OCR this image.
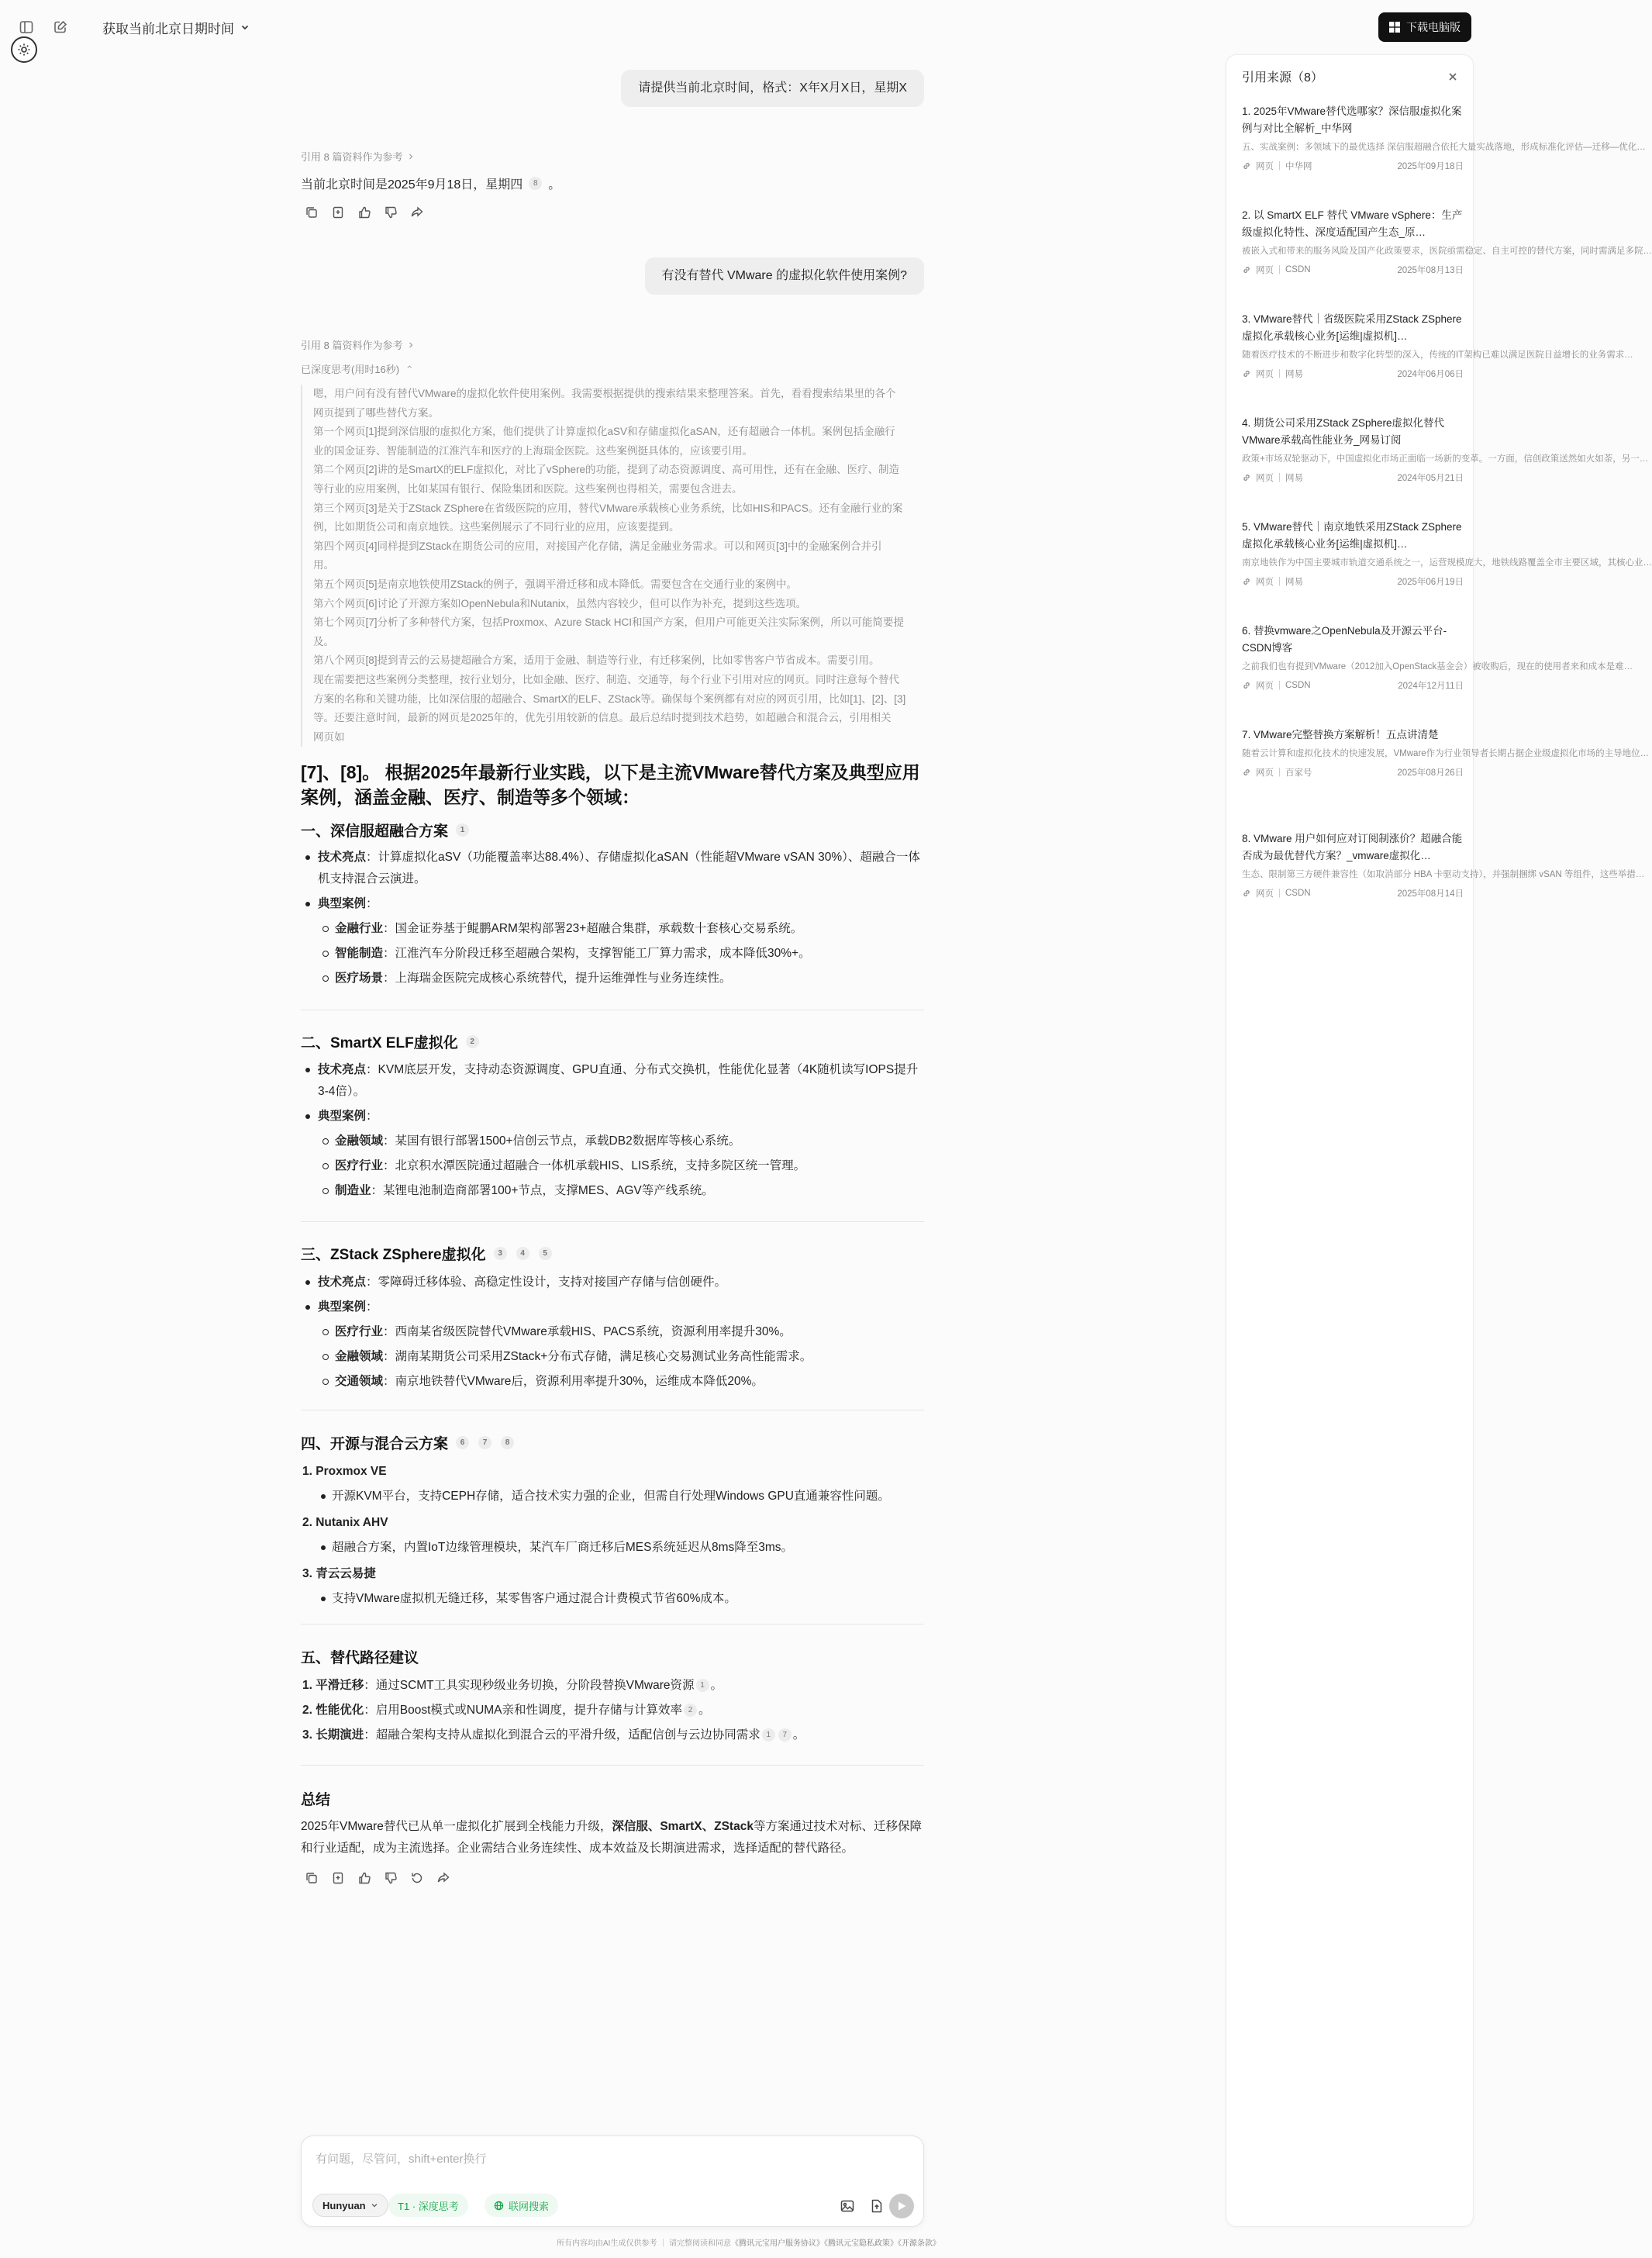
获取当前北京日期时间	下载电脑版
请提供当前北京时间，格式：X年X月X日，星期X
引用 8 篇资料作为参考
当前北京时间是2025年9月18日，星期四	8 。
有没有替代 VMware 的虚拟化软件使用案例?
引用 8 篇资料作为参考
已深度思考(用时16秒) ⌃

嗯，用户问有没有替代VMware的虚拟化软件使用案例。我需要根据提供的搜索结果来整理答案。首先，看看搜索结果里的各个

网页提到了哪些替代方案。

第一个网页[1]提到深信服的虚拟化方案，他们提供了计算虚拟化aSV和存储虚拟化aSAN，还有超融合一体机。案例包括金融行

业的国金证券、智能制造的江淮汽车和医疗的上海瑞金医院。这些案例挺具体的，应该要引用。

第二个网页[2]讲的是SmartX的ELF虚拟化，对比了vSphere的功能，提到了动态资源调度、高可用性，还有在金融、医疗、制造

等行业的应用案例，比如某国有银行、保险集团和医院。这些案例也得相关，需要包含进去。

第三个网页[3]是关于ZStack ZSphere在省级医院的应用，替代VMware承载核心业务系统，比如HIS和PACS。还有金融行业的案

例，比如期货公司和南京地铁。这些案例展示了不同行业的应用，应该要提到。

第四个网页[4]同样提到ZStack在期货公司的应用，对接国产化存储，满足金融业务需求。可以和网页[3]中的金融案例合并引

用。

第五个网页[5]是南京地铁使用ZStack的例子，强调平滑迁移和成本降低。需要包含在交通行业的案例中。

第六个网页[6]讨论了开源方案如OpenNebula和Nutanix，虽然内容较少，但可以作为补充，提到这些选项。

第七个网页[7]分析了多种替代方案，包括Proxmox、Azure Stack HCI和国产方案，但用户可能更关注实际案例，所以可能简要提

及。

第八个网页[8]提到青云的云易捷超融合方案，适用于金融、制造等行业，有迁移案例，比如零售客户节省成本。需要引用。

现在需要把这些案例分类整理，按行业划分，比如金融、医疗、制造、交通等，每个行业下引用对应的网页。同时注意每个替代

方案的名称和关键功能，比如深信服的超融合、SmartX的ELF、ZStack等。确保每个案例都有对应的网页引用，比如[1]、[2]、[3]

等。还要注意时间，最新的网页是2025年的，优先引用较新的信息。最后总结时提到技术趋势，如超融合和混合云，引用相关

网页如

[7]、[8]。 根据2025年最新行业实践，以下是主流VMware替代方案及典型应用案例，涵盖金融、医疗、制造等多个领域：
一、深信服超融合方案	1
技术亮点：计算虚拟化aSV（功能覆盖率达88.4%）、存储虚拟化aSAN（性能超VMware vSAN 30%）、超融合一体机支持混合云演进。
典型案例：
金融行业：国金证券基于鲲鹏ARM架构部署23+超融合集群，承载数十套核心交易系统。
智能制造：江淮汽车分阶段迁移至超融合架构，支撑智能工厂算力需求，成本降低30%+。
医疗场景：上海瑞金医院完成核心系统替代，提升运维弹性与业务连续性。
二、SmartX ELF虚拟化	2
技术亮点：KVM底层开发，支持动态资源调度、GPU直通、分布式交换机，性能优化显著（4K随机读写IOPS提升3-4倍）。
典型案例：
金融领域：某国有银行部署1500+信创云节点，承载DB2数据库等核心系统。
医疗行业：北京积水潭医院通过超融合一体机承载HIS、LIS系统，支持多院区统一管理。
制造业：某锂电池制造商部署100+节点，支撑MES、AGV等产线系统。
三、ZStack ZSphere虚拟化	3	4	5
技术亮点：零障碍迁移体验、高稳定性设计，支持对接国产存储与信创硬件。
典型案例：
医疗行业：西南某省级医院替代VMware承载HIS、PACS系统，资源利用率提升30%。
金融领域：湖南某期货公司采用ZStack+分布式存储，满足核心交易测试业务高性能需求。
交通领域：南京地铁替代VMware后，资源利用率提升30%，运维成本降低20%。
四、开源与混合云方案	6	7	8
1. Proxmox VE
开源KVM平台，支持CEPH存储，适合技术实力强的企业，但需自行处理Windows GPU直通兼容性问题。
2. Nutanix AHV
超融合方案，内置IoT边缘管理模块，某汽车厂商迁移后MES系统延迟从8ms降至3ms。
3. 青云云易捷
支持VMware虚拟机无缝迁移，某零售客户通过混合计费模式节省60%成本。
五、替代路径建议
1. 平滑迁移：通过SCMT工具实现秒级业务切换，分阶段替换VMware资源 1 。
2. 性能优化：启用Boost模式或NUMA亲和性调度，提升存储与计算效率 2 。
3. 长期演进：超融合架构支持从虚拟化到混合云的平滑升级，适配信创与云边协同需求 1 7 。
总结
2025年VMware替代已从单一虚拟化扩展到全栈能力升级，深信服、SmartX、ZStack等方案通过技术对标、迁移保障和行业适配，成为主流选择。企业需结合业务连续性、成本效益及长期演进需求，选择适配的替代路径。
有问题，尽管问，shift+enter换行
Hunyuan	T1 · 深度思考	联网搜索
所有内容均由AI生成仅供参考 ｜ 请完整阅读和同意《腾讯元宝用户服务协议》《腾讯元宝隐私政策》《开源条款》
引用来源（8）
1. 2025年VMware替代选哪家？深信服虚拟化案例与对比全解析_中华网
五、实战案例：多领域下的最优选择 深信服超融合依托大量实战落地，形成标准化评估—迁移—优化…
网页 | 中华网	2025年09月18日
2. 以 SmartX ELF 替代 VMware vSphere：生产级虚拟化特性、深度适配国产生态_原…
被嵌入式和带来的服务风险及国产化政策要求，医院亟需稳定、自主可控的替代方案，同时需满足多院…
网页 | CSDN	2025年08月13日
3. VMware替代｜省级医院采用ZStack ZSphere虚拟化承载核心业务[运维|虚拟机]…
随着医疗技术的不断进步和数字化转型的深入，传统的IT架构已难以满足医院日益增长的业务需求…
网页 | 网易	2024年06月06日
4. 期货公司采用ZStack ZSphere虚拟化替代VMware承载高性能业务_网易订阅
政策+市场双轮驱动下，中国虚拟化市场正面临一场新的变革。一方面，信创政策送然如火如荼，另一…
网页 | 网易	2024年05月21日
5. VMware替代｜南京地铁采用ZStack ZSphere虚拟化承载核心业务[运维|虚拟机]…
南京地铁作为中国主要城市轨道交通系统之一，运营规模庞大，地铁线路覆盖全市主要区域，其核心业…
网页 | 网易	2025年06月19日
6. 替换vmware之OpenNebula及开源云平台-CSDN博客
之前我们也有提到VMware（2012加入OpenStack基金会）被收购后，现在的使用者来和成本是难…
网页 | CSDN	2024年12月11日
7. VMware完整替换方案解析！五点讲清楚
随着云计算和虚拟化技术的快速发展，VMware作为行业领导者长期占据企业级虚拟化市场的主导地位…
网页 | 百家号	2025年08月26日
8. VMware 用户如何应对订阅制涨价？超融合能否成为最优替代方案？_vmware虚拟化…
生态、限制第三方硬件兼容性（如取消部分 HBA 卡驱动支持），并强制捆绑 vSAN 等组件，这些举措…
网页 | CSDN	2025年08月14日
